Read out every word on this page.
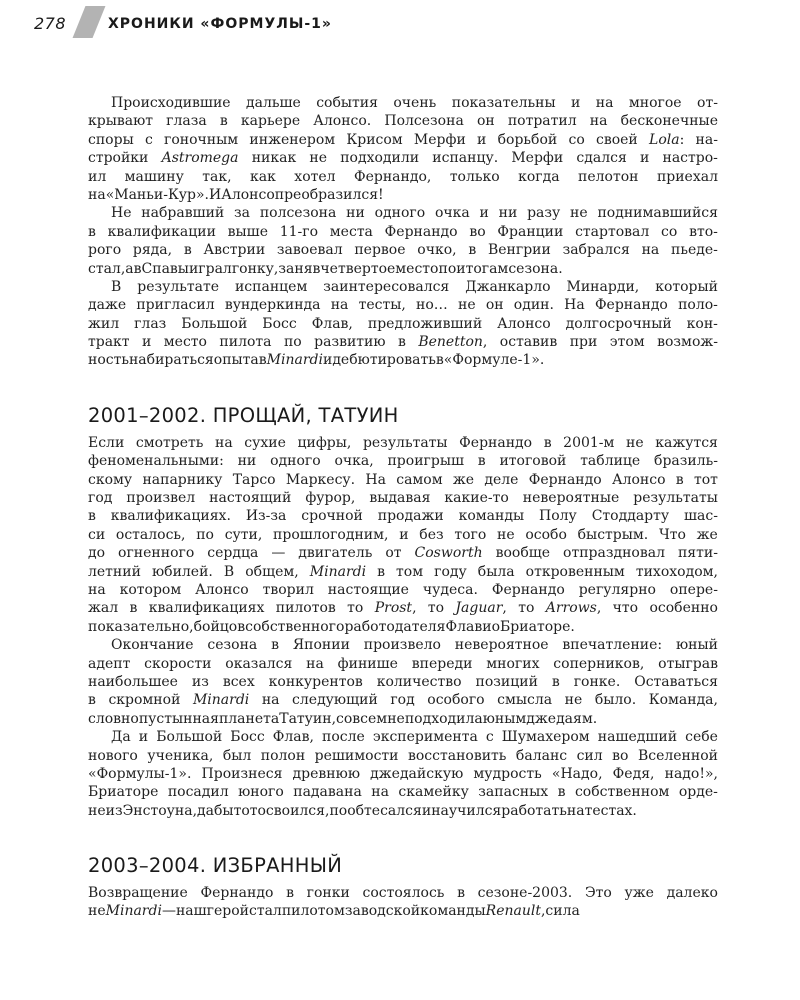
278	ХРОНИКИ «ФОРМУЛЫ-1»
Происходившие дальше события очень показательны и на многое от-
крывают глаза в карьере Алонсо. Полсезона он потратил на бесконечные
споры с гоночным инженером Крисом Мерфи и борьбой со своей Lola: на-
стройки Astromega никак не подходили испанцу. Мерфи сдался и настро-
ил машину так, как хотел Фернандо, только когда пелотон приехал
на «Маньи-Кур». И Алонсо преобразился!
Не набравший за полсезона ни одного очка и ни разу не поднимавшийся
в квалификации выше 11-го места Фернандо во Франции стартовал со вто-
рого ряда, в Австрии завоевал первое очко, в Венгрии забрался на пьеде-
стал, а в Спа выиграл гонку, заняв четвертое место по итогам сезона.
В результате испанцем заинтересовался Джанкарло Минарди, который
даже пригласил вундеркинда на тесты, но… не он один. На Фернандо поло-
жил глаз Большой Босс Флав, предложивший Алонсо долгосрочный кон-
тракт и место пилота по развитию в Benetton, оставив при этом возмож-
ность набираться опыта в Minardi и дебютировать в «Формуле-1».
2001–2002. ПРОЩАЙ, ТАТУИН
Если смотреть на сухие цифры, результаты Фернандо в 2001-м не кажутся
феноменальными: ни одного очка, проигрыш в итоговой таблице бразиль-
скому напарнику Тарсо Маркесу. На самом же деле Фернандо Алонсо в тот
год произвел настоящий фурор, выдавая какие-то невероятные результаты
в квалификациях. Из-за срочной продажи команды Полу Стоддарту шас-
си осталось, по сути, прошлогодним, и без того не особо быстрым. Что же
до огненного сердца — двигатель от Cosworth вообще отпраздновал пяти-
летний юбилей. В общем, Minardi в том году была откровенным тихоходом,
на котором Алонсо творил настоящие чудеса. Фернандо регулярно опере-
жал в квалификациях пилотов то Prost, то Jaguar, то Arrows, что особенно
показательно, бойцов собственного работодателя Флавио Бриаторе.
Окончание сезона в Японии произвело невероятное впечатление: юный
адепт скорости оказался на финише впереди многих соперников, отыграв
наибольшее из всех конкурентов количество позиций в гонке. Оставаться
в скромной Minardi на следующий год особого смысла не было. Команда,
словно пустынная планета Татуин, совсем не подходила юным джедаям.
Да и Большой Босс Флав, после эксперимента с Шумахером нашедший себе
нового ученика, был полон решимости восстановить баланс сил во Вселенной
«Формулы-1». Произнеся древнюю джедайскую мудрость «Надо, Федя, надо!»,
Бриаторе посадил юного падавана на скамейку запасных в собственном орде-
не из Энстоуна, дабы тот освоился, пообтесался и научился работать на тестах.
2003–2004. ИЗБРАННЫЙ
Возвращение Фернандо в гонки состоялось в сезоне-2003. Это уже далеко
не Minardi — наш герой стал пилотом заводской команды Renault, сила
